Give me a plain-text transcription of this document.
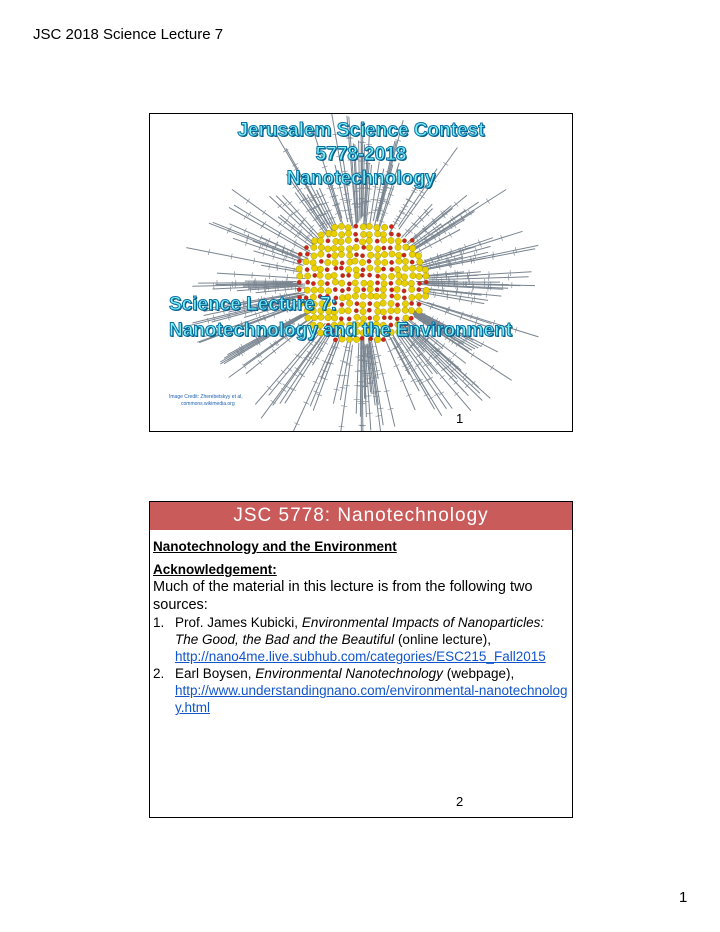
JSC 2018 Science Lecture 7
Jerusalem Science Contest
5778-2018
Nanotechnology
Science Lecture 7:
Nanotechnology and the Environment
Image Credit: Zherebetskyy et al,
commons.wikimedia.org
1
JSC 5778: Nanotechnology

Nanotechnology and the Environment

Acknowledgement:

Much of the material in this lecture is from the following two sources:

1. Prof. James Kubicki, Environmental Impacts of Nanoparticles: The Good, the Bad and the Beautiful (online lecture),
http://nano4me.live.subhub.com/categories/ESC215_Fall2015
2. Earl Boysen, Environmental Nanotechnology (webpage),
http://www.understandingnano.com/environmental-nanotechnology.html
2
1
